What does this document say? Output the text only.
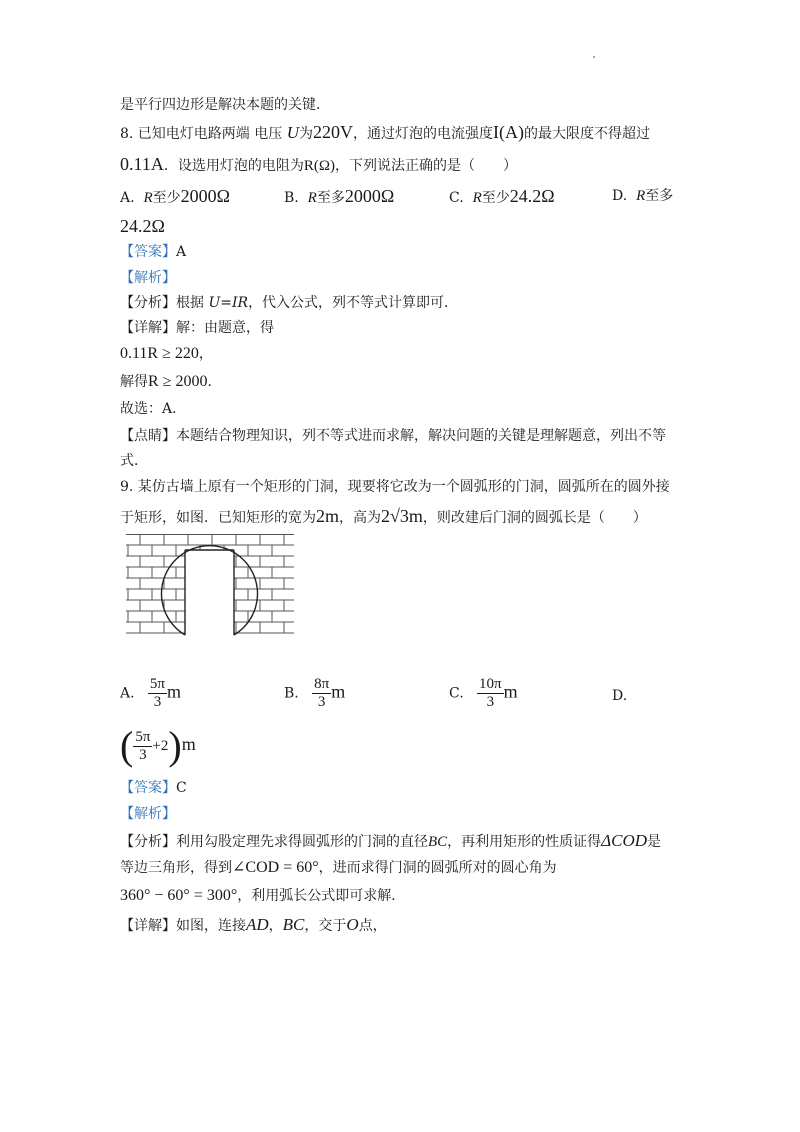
是平行四边形是解决本题的关键.
8. 已知电灯电路两端 电压 U为220V，通过灯泡的电流强度I(A)的最大限度不得超过
0.11A．设选用灯泡的电阻为R(Ω)，下列说法正确的是（　　）
A. R至少2000Ω	B. R至多2000Ω	C. R至少24.2Ω	D. R至多
24.2Ω
【答案】A
【解析】
【分析】根据 U=IR，代入公式，列不等式计算即可．
【详解】解：由题意，得
0.11R ≥ 220，
解得R ≥ 2000．
故选：A．
【点睛】本题结合物理知识，列不等式进而求解，解决问题的关键是理解题意，列出不等
式．
9. 某仿古墙上原有一个矩形的门洞，现要将它改为一个圆弧形的门洞，圆弧所在的圆外接
于矩形，如图．已知矩形的宽为2m，高为2√3m，则改建后门洞的圆弧长是（　　）
A. $\frac{5\pi}{3}$ m	B. $\frac{8\pi}{3}$ m	C. $\frac{10\pi}{3}$ m	D.
( $\frac{5\pi}{3} +2)m$
【答案】C
【解析】
【分析】利用勾股定理先求得圆弧形的门洞的直径BC，再利用矩形的性质证得ΔCOD是
等边三角形，得到∠COD = 60°，进而求得门洞的圆弧所对的圆心角为
360° − 60° = 300°，利用弧长公式即可求解．
【详解】如图，连接AD，BC，交于O点，
